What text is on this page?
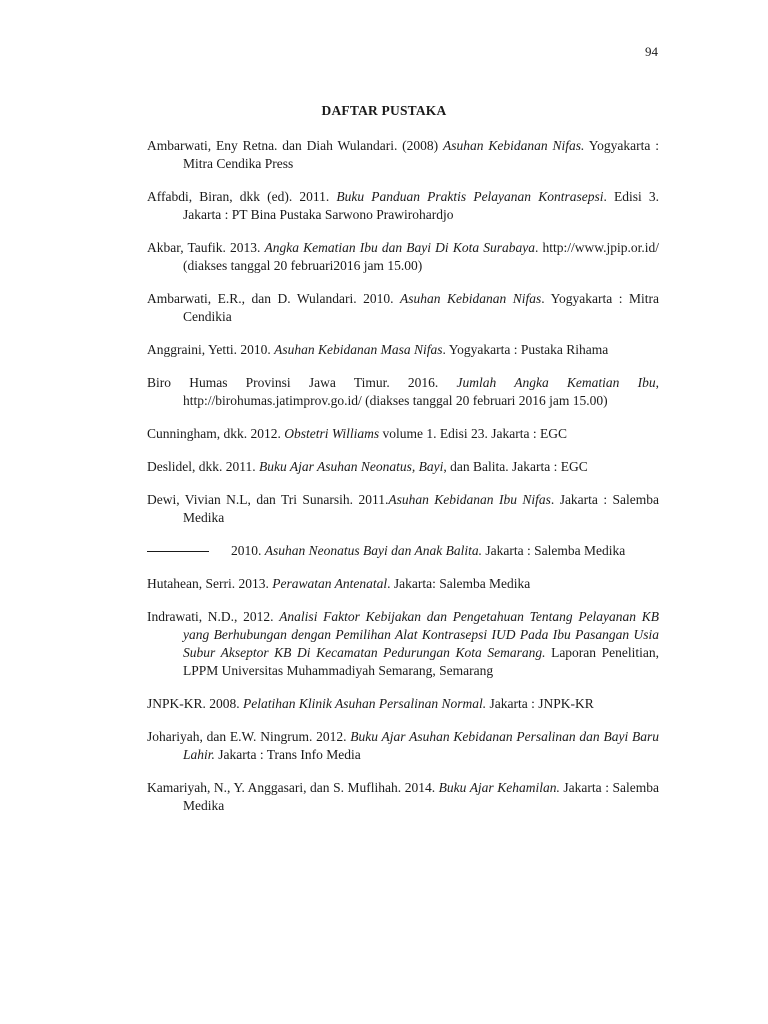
94
DAFTAR PUSTAKA

Ambarwati, Eny Retna. dan Diah Wulandari. (2008) Asuhan Kebidanan Nifas. Yogyakarta : Mitra Cendika Press

Affabdi, Biran, dkk (ed). 2011. Buku Panduan Praktis Pelayanan Kontrasepsi. Edisi 3. Jakarta : PT Bina Pustaka Sarwono Prawirohardjo

Akbar, Taufik. 2013. Angka Kematian Ibu dan Bayi Di Kota Surabaya. http://www.jpip.or.id/ (diakses tanggal 20 februari2016 jam 15.00)

Ambarwati, E.R., dan D. Wulandari. 2010. Asuhan Kebidanan Nifas. Yogyakarta : Mitra Cendikia

Anggraini, Yetti. 2010. Asuhan Kebidanan Masa Nifas. Yogyakarta : Pustaka Rihama

Biro Humas Provinsi Jawa Timur. 2016. Jumlah Angka Kematian Ibu, http://birohumas.jatimprov.go.id/ (diakses tanggal 20 februari 2016 jam 15.00)

Cunningham, dkk. 2012. Obstetri Williams volume 1. Edisi 23. Jakarta : EGC

Deslidel, dkk. 2011. Buku Ajar Asuhan Neonatus, Bayi, dan Balita. Jakarta : EGC

Dewi, Vivian N.L, dan Tri Sunarsih. 2011.Asuhan Kebidanan Ibu Nifas. Jakarta : Salemba Medika

2010. Asuhan Neonatus Bayi dan Anak Balita. Jakarta : Salemba Medika

Hutahean, Serri. 2013. Perawatan Antenatal. Jakarta: Salemba Medika

Indrawati, N.D., 2012. Analisi Faktor Kebijakan dan Pengetahuan Tentang Pelayanan KB yang Berhubungan dengan Pemilihan Alat Kontrasepsi IUD Pada Ibu Pasangan Usia Subur Akseptor KB Di Kecamatan Pedurungan Kota Semarang. Laporan Penelitian, LPPM Universitas Muhammadiyah Semarang, Semarang

JNPK-KR. 2008. Pelatihan Klinik Asuhan Persalinan Normal. Jakarta : JNPK-KR

Johariyah, dan E.W. Ningrum. 2012. Buku Ajar Asuhan Kebidanan Persalinan dan Bayi Baru Lahir. Jakarta : Trans Info Media

Kamariyah, N., Y. Anggasari, dan S. Muflihah. 2014. Buku Ajar Kehamilan. Jakarta : Salemba Medika
